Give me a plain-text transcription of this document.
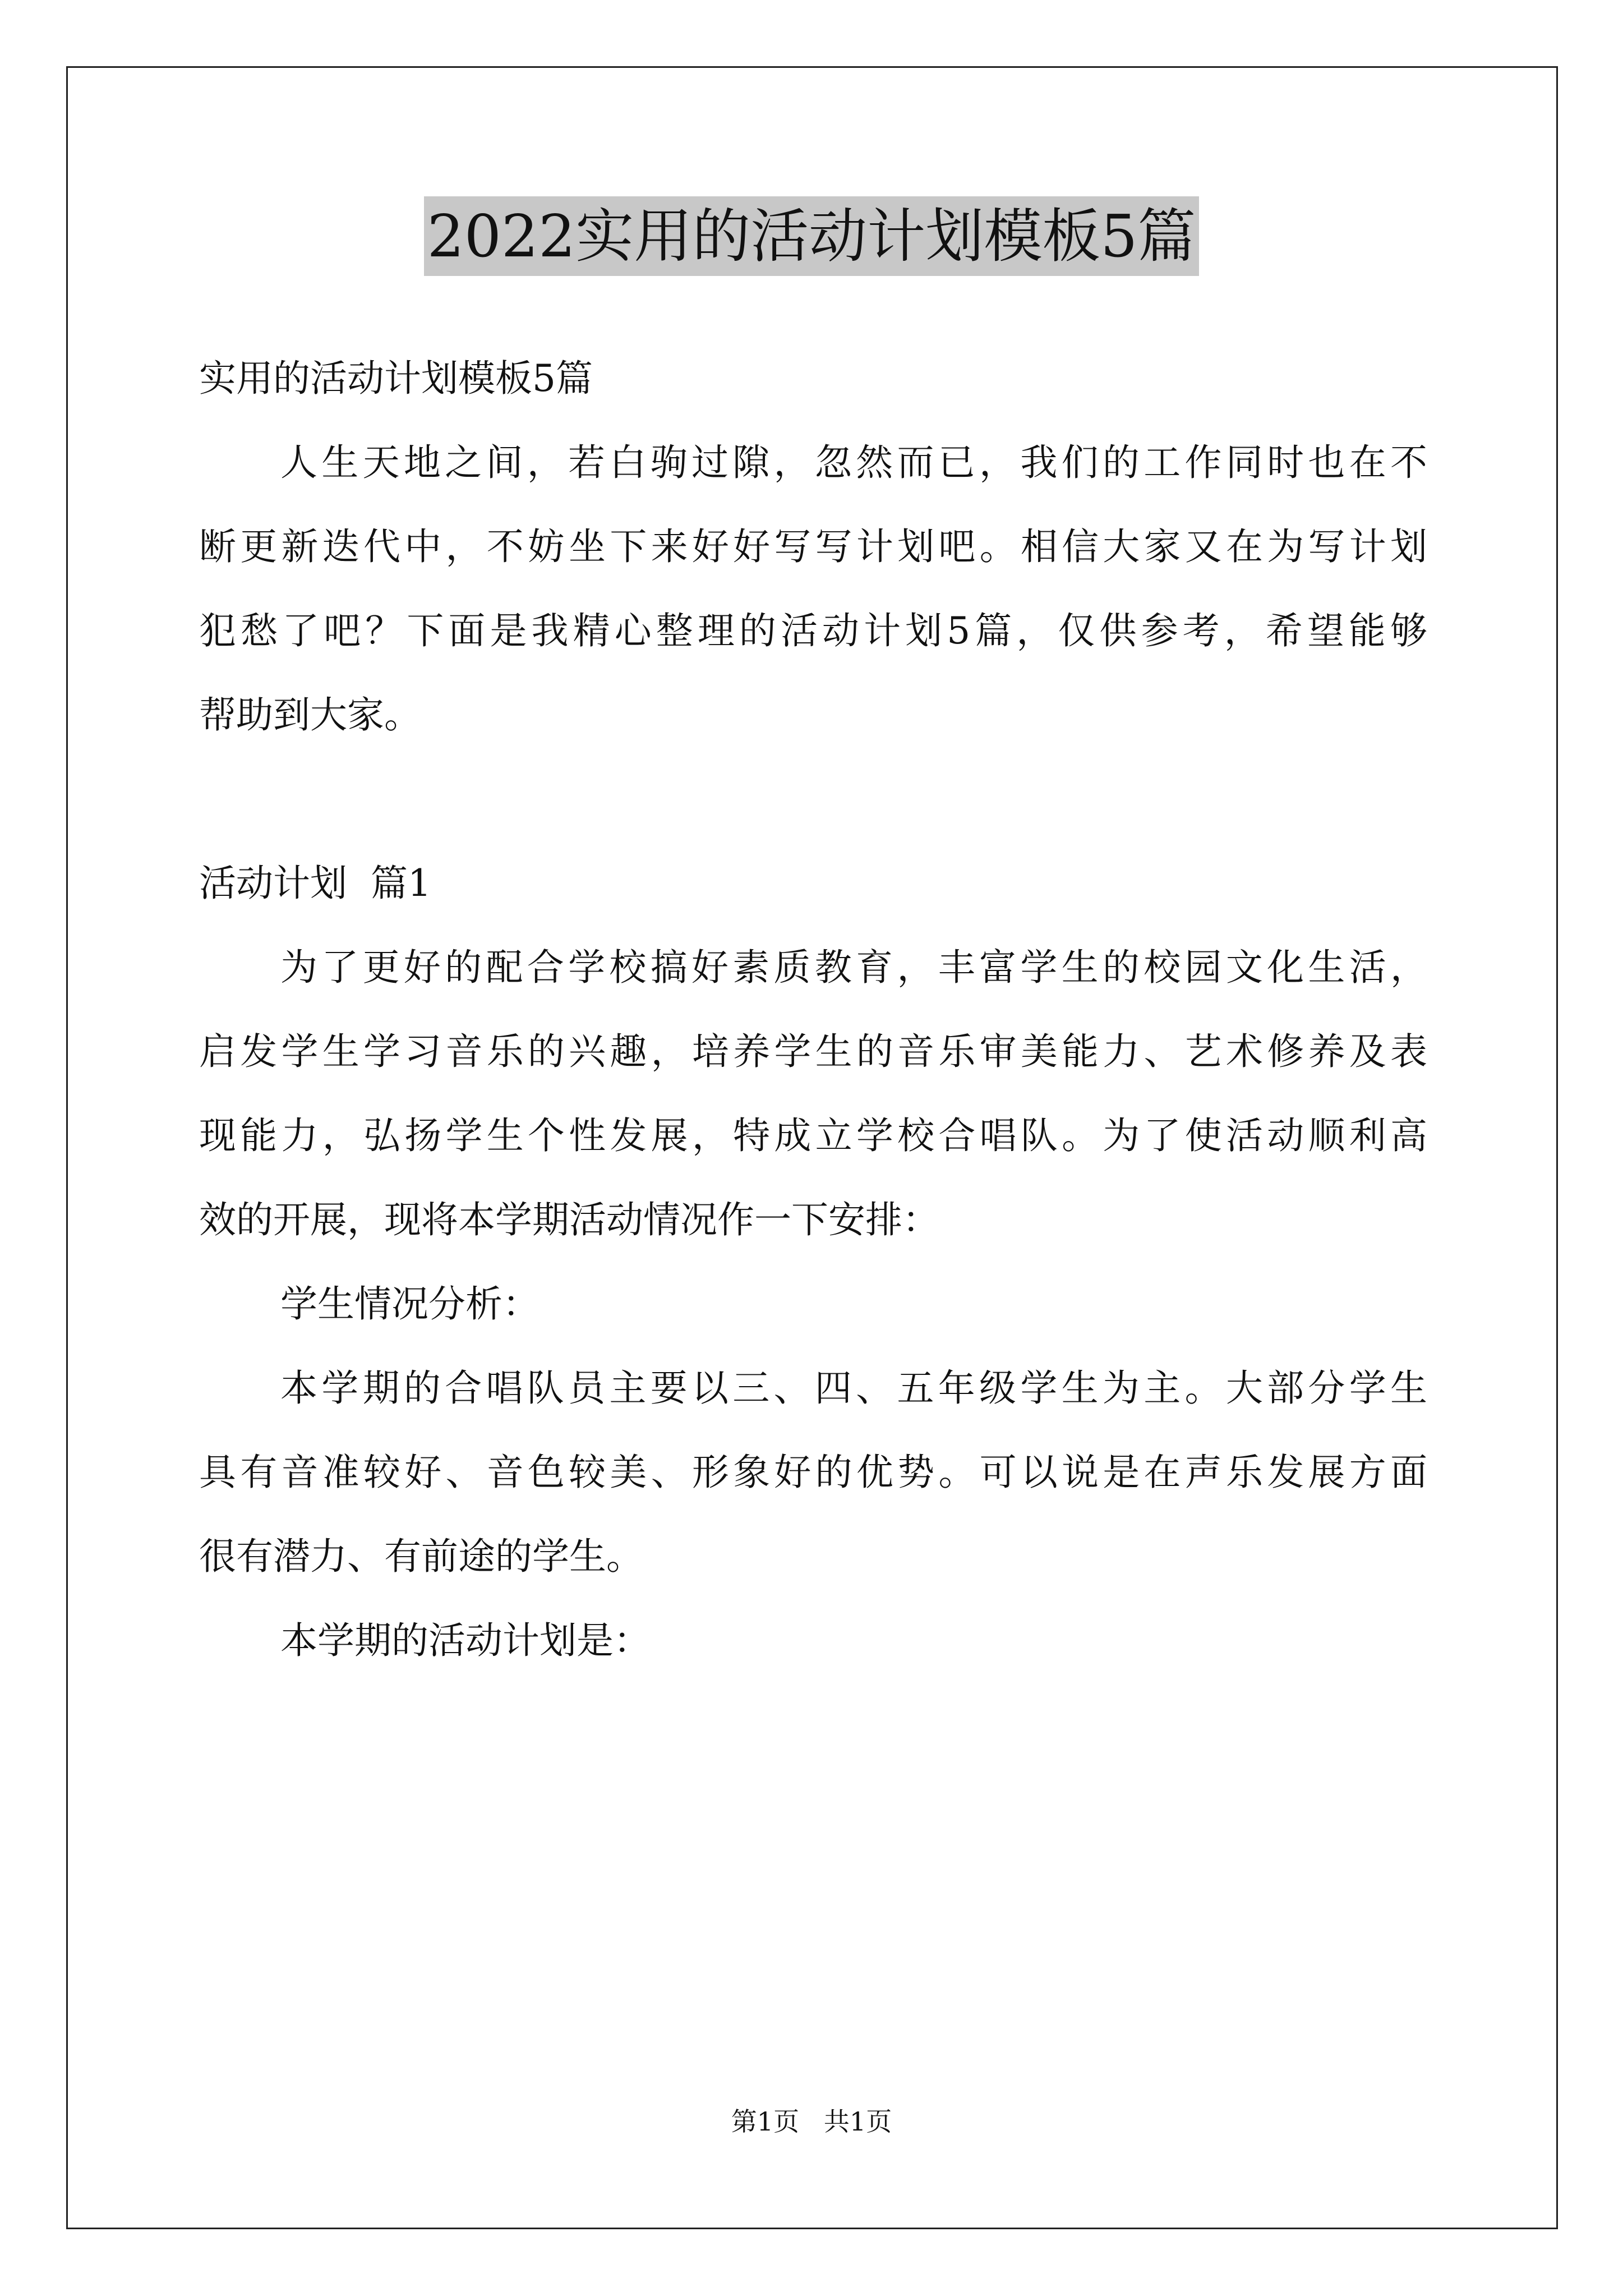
2022实用的活动计划模板5篇
实用的活动计划模板5篇
人生天地之间，若白驹过隙，忽然而已，我们的工作同时也在不
断更新迭代中，不妨坐下来好好写写计划吧。相信大家又在为写计划
犯愁了吧？下面是我精心整理的活动计划5篇，仅供参考，希望能够
帮助到大家。
活动计划  篇1
为了更好的配合学校搞好素质教育，丰富学生的校园文化生活，
启发学生学习音乐的兴趣，培养学生的音乐审美能力、艺术修养及表
现能力，弘扬学生个性发展，特成立学校合唱队。为了使活动顺利高
效的开展，现将本学期活动情况作一下安排：
学生情况分析：
本学期的合唱队员主要以三、四、五年级学生为主。大部分学生
具有音准较好、音色较美、形象好的优势。可以说是在声乐发展方面
很有潜力、有前途的学生。
本学期的活动计划是：
第1页   共1页
